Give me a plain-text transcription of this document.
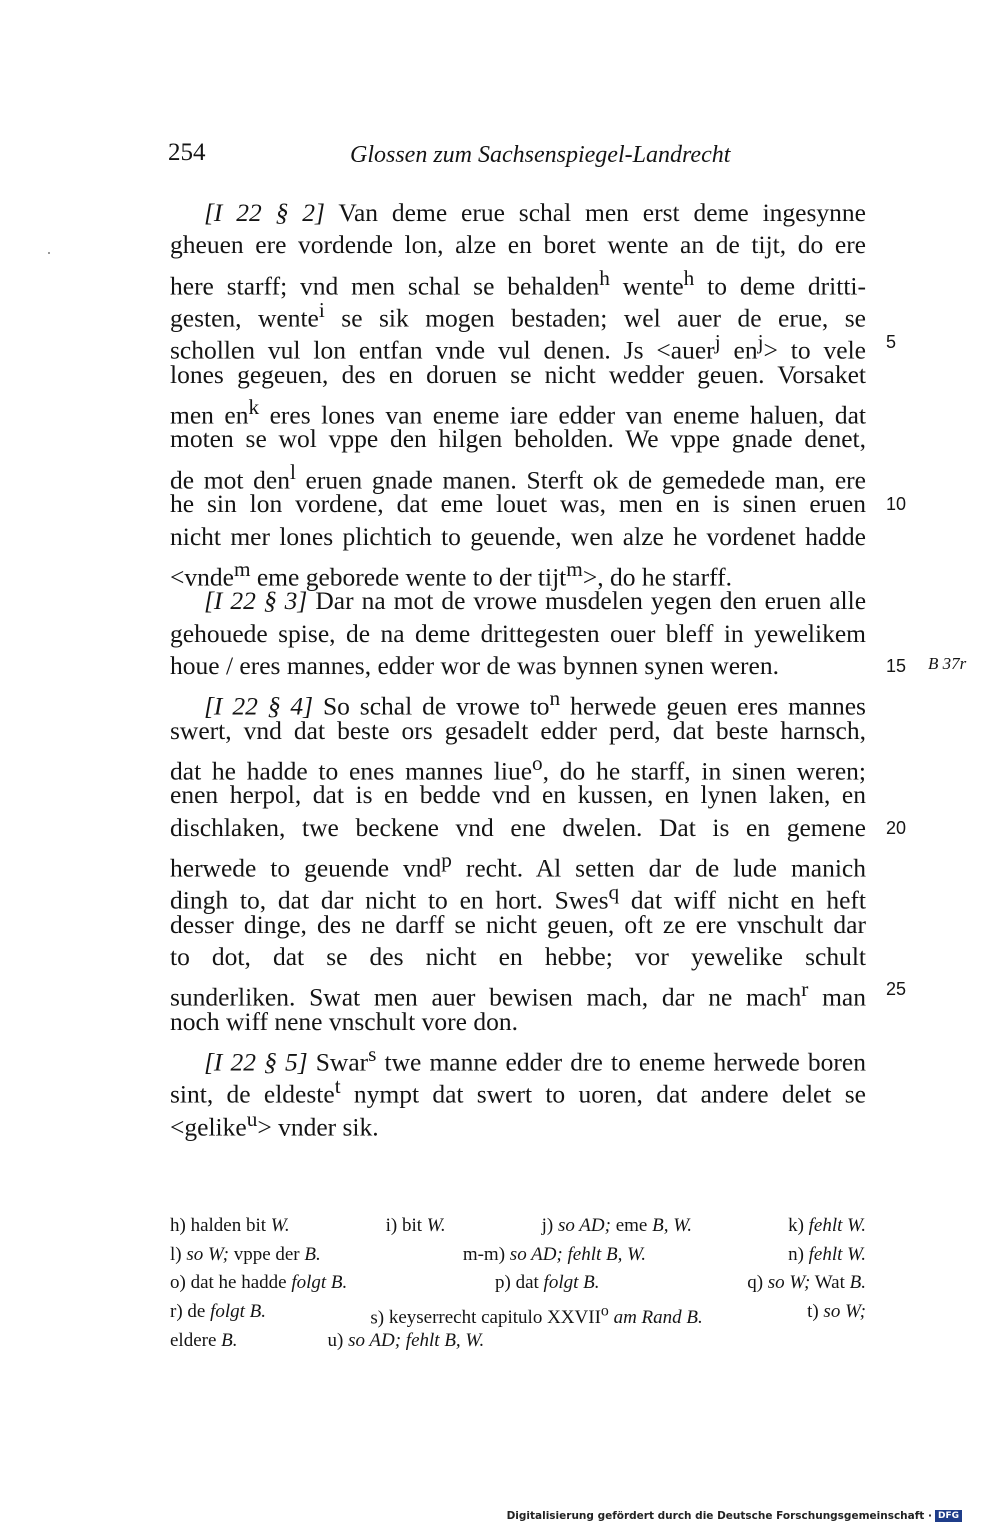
254	Glossen zum Sachsenspiegel-Landrecht
[I 22 § 2] Van deme erue schal men erst deme ingesynne
gheuen ere vordende lon, alze en boret wente an de tijt, do ere
here starff; vnd men schal se behalden$^h$ wente$^h$ to deme dritti-
gesten, wente$^i$ se sik mogen bestaden; wel auer de erue, se
schollen vul lon entfan vnde vul denen. Js <auer$^j$ $en^j>$ to vele 5
lones gegeuen, des en doruen se nicht wedder geuen. Vorsaket
men $en^k$ eres lones van eneme iare edder van eneme haluen, dat
moten se wol vppe den hilgen beholden. We vppe gnade denet,
de mot den$^l$ eruen gnade manen. Sterft ok de gemedede man, ere
he sin lon vordene, dat eme louet was, men en is sinen eruen 10
nicht mer lones plichtich to geuende, wen alze he vordenet hadde
<vnde$^m$ eme geborede wente to der tijt$^m$>, do he starff.
[I 22 § 3] Dar na mot de vrowe musdelen yegen den eruen alle
gehouede spise, de na deme drittegesten ouer bleff in yewelikem
houe / eres mannes, edder wor de was bynnen synen weren.	15	B 37r
[I 22 § 4] So schal de vrowe $to^n$ herwede geuen eres mannes
swert, vnd dat beste ors gesadelt edder perd, dat beste harnsch,
dat he hadde to enes mannes liue$^o$, do he starff, in sinen weren;
enen herpol, dat is en bedde vnd en kussen, en lynen laken, en
dischlaken, twe beckene vnd ene dwelen. Dat is en gemene 20
herwede to geuende vnd$^p$ recht. Al setten dar de lude manich
dingh to, dat dar nicht to en hort. Swes$^q$ dat wiff nicht en heft
desser dinge, des ne darff se nicht geuen, oft ze ere vnschult dar
to dot, dat se des nicht en hebbe; vor yewelike schult
sunderliken. Swat men auer bewisen mach, dar ne mach$^r$ man 25
noch wiff nene vnschult vore don.
[I 22 § 5] Swar$^s$ twe manne edder dre to eneme herwede boren
sint, de eldeste$^t$ nympt dat swert to uoren, dat andere delet se
<gelike$^u$> vnder sik.
h) halden bit W.	i) bit W.	j) so AD; eme B, W.	k) fehlt W.
l) so W; vppe der B.	m-m) so AD; fehlt B, W.	n) fehlt W.
o) dat he hadde folgt B.	p) dat folgt B.	q) so W; Wat B.
r) de folgt B.	s) keyserrecht capitulo XXVII$^o$ am Rand B.	t) so W;
eldere B.	u) so AD; fehlt B, W.
Digitalisierung gefördert durch die Deutsche Forschungsgemeinschaft · DFG
